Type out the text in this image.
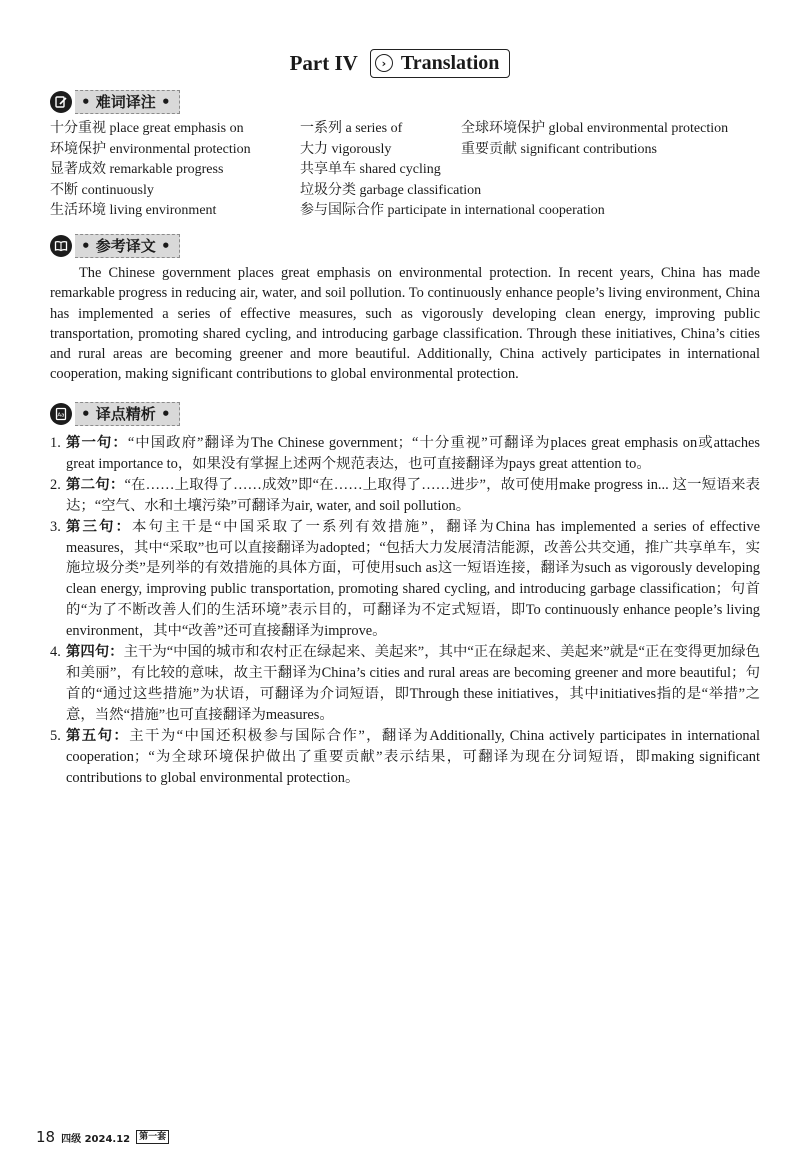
Part IV	› Translation
• 难词译注 •
十分重视 place great emphasis on	一系列 a series of	全球环境保护 global environmental protection
环境保护 environmental protection	大力 vigorously	重要贡献 significant contributions
显著成效 remarkable progress	共享单车 shared cycling
不断 continuously	垃圾分类 garbage classification
生活环境 living environment	参与国际合作 participate in international cooperation
• 参考译文 •

The Chinese government places great emphasis on environmental protection. In recent years, China has made remarkable progress in reducing air, water, and soil pollution. To continuously enhance people’s living environment, China has implemented a series of effective measures, such as vigorously developing clean energy, improving public transportation, promoting shared cycling, and introducing garbage classification. Through these initiatives, China’s cities and rural areas are becoming greener and more beautiful. Additionally, China actively participates in international cooperation, making significant contributions to global environmental protection.

Aa	• 译点精析 •
1. 第一句：“中国政府”翻译为The Chinese government；“十分重视”可翻译为places great emphasis on或attaches great importance to，如果没有掌握上述两个规范表达，也可直接翻译为pays great attention to。
2. 第二句：“在……上取得了……成效”即“在……上取得了……进步”，故可使用make progress in... 这一短语来表达；“空气、水和土壤污染”可翻译为air, water, and soil pollution。
3. 第三句：本句主干是“中国采取了一系列有效措施”，翻译为China has implemented a series of effective measures，其中“采取”也可以直接翻译为adopted；“包括大力发展清洁能源，改善公共交通，推广共享单车，实施垃圾分类”是列举的有效措施的具体方面，可使用such as这一短语连接，翻译为such as vigorously developing clean energy, improving public transportation, promoting shared cycling, and introducing garbage classification；句首的“为了不断改善人们的生活环境”表示目的，可翻译为不定式短语，即To continuously enhance people’s living environment，其中“改善”还可直接翻译为improve。
4. 第四句：主干为“中国的城市和农村正在绿起来、美起来”，其中“正在绿起来、美起来”就是“正在变得更加绿色和美丽”，有比较的意味，故主干翻译为China’s cities and rural areas are becoming greener and more beautiful；句首的“通过这些措施”为状语，可翻译为介词短语，即Through these initiatives，其中initiatives指的是“举措”之意，当然“措施”也可直接翻译为measures。
5. 第五句：主干为“中国还积极参与国际合作”，翻译为Additionally, China actively participates in international cooperation；“为全球环境保护做出了重要贡献”表示结果，可翻译为现在分词短语，即making significant contributions to global environmental protection。
18 四级 2024.12	第一套
